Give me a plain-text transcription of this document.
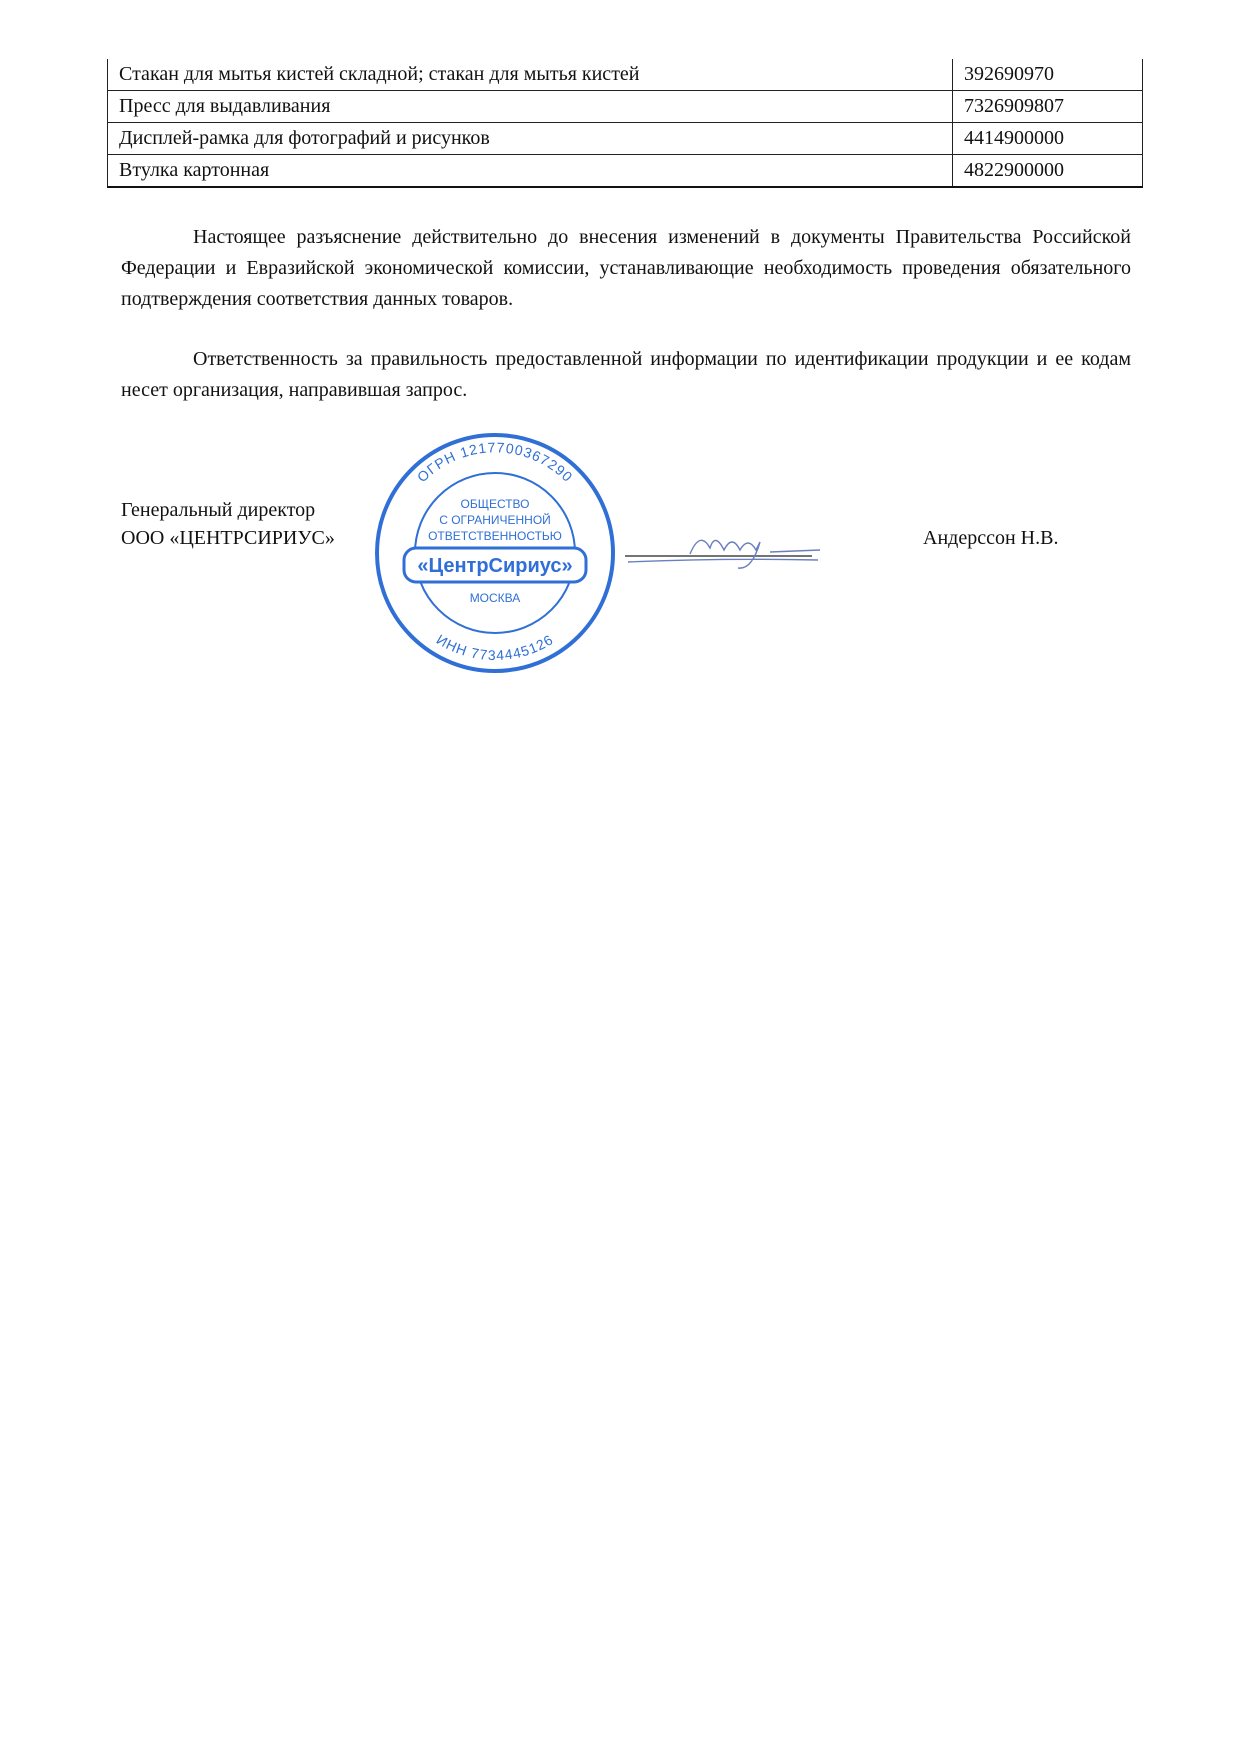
Стакан для мытья кистей складной; стакан для мытья кистей	392690970
Пресс для выдавливания	7326909807
Дисплей-рамка для фотографий и рисунков	4414900000
Втулка картонная	4822900000
Настоящее разъяснение действительно до внесения изменений в документы Правительства Российской Федерации и Евразийской экономической комиссии, устанавливающие необходимость проведения обязательного подтверждения соответствия данных товаров.
Ответственность за правильность предоставленной информации по идентификации продукции и ее кодам несет организация, направившая запрос.
Генеральный директор
ООО «ЦЕНТРСИРИУС»	Андерссон Н.В.
ОГРН 1217700367290
ИНН 7734445126
ОБЩЕСТВО
С ОГРАНИЧЕННОЙ
ОТВЕТСТВЕННОСТЬЮ
«ЦентрСириус»
МОСКВА
